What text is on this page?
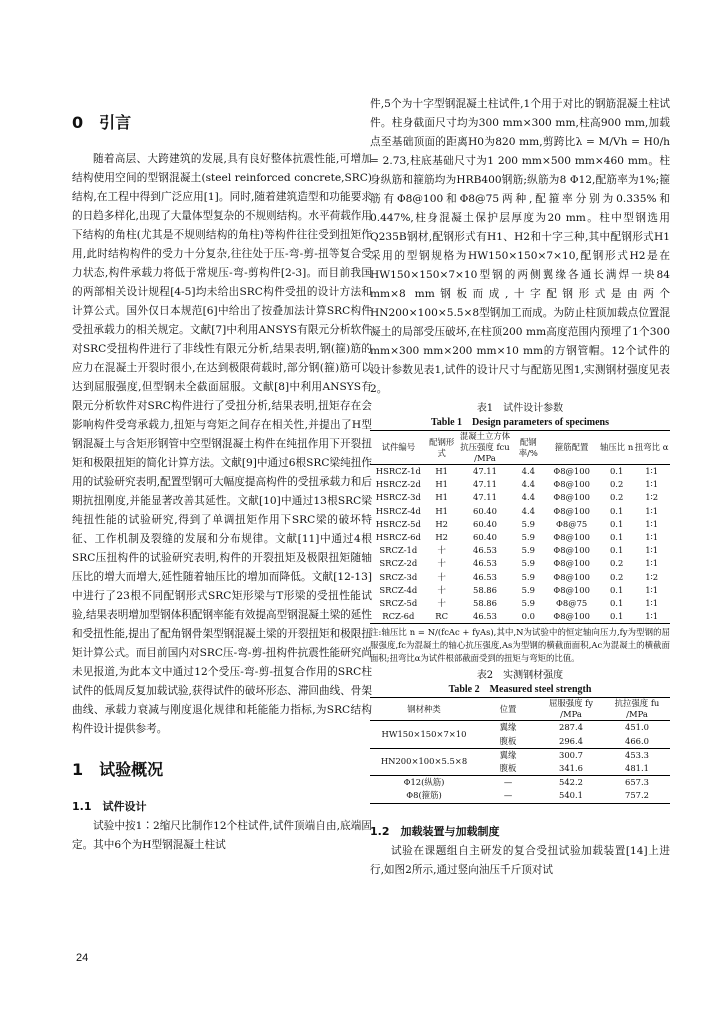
0　引言

随着高层、大跨建筑的发展,具有良好整体抗震性能,可增加结构使用空间的型钢混凝土(steel reinforced concrete,SRC)结构,在工程中得到广泛应用[1]。同时,随着建筑造型和功能要求的日趋多样化,出现了大量体型复杂的不规则结构。水平荷载作用下结构的角柱(尤其是不规则结构的角柱)等构件往往受到扭矩作用,此时结构构件的受力十分复杂,往往处于压-弯-剪-扭等复合受力状态,构件承载力将低于常规压-弯-剪构件[2-3]。而目前我国的两部相关设计规程[4-5]均未给出SRC构件受扭的设计方法和计算公式。国外仅日本规范[6]中给出了按叠加法计算SRC构件受扭承载力的相关规定。文献[7]中利用ANSYS有限元分析软件对SRC受扭构件进行了非线性有限元分析,结果表明,钢(箍)筋的应力在混凝土开裂时很小,在达到极限荷载时,部分钢(箍)筋可以达到屈服强度,但型钢未全截面屈服。文献[8]中利用ANSYS有限元分析软件对SRC构件进行了受扭分析,结果表明,扭矩存在会影响构件受弯承载力,扭矩与弯矩之间存在相关性,并提出了H型钢混凝土与含矩形钢管中空型钢混凝土构件在纯扭作用下开裂扭矩和极限扭矩的简化计算方法。文献[9]中通过6根SRC梁纯扭作用的试验研究表明,配置型钢可大幅度提高构件的受扭承载力和后期抗扭刚度,并能显著改善其延性。文献[10]中通过13根SRC梁纯扭性能的试验研究,得到了单调扭矩作用下SRC梁的破坏特征、工作机制及裂缝的发展和分布规律。文献[11]中通过4根SRC压扭构件的试验研究表明,构件的开裂扭矩及极限扭矩随轴压比的增大而增大,延性随着轴压比的增加而降低。文献[12-13]中进行了23根不同配钢形式SRC矩形梁与T形梁的受扭性能试验,结果表明增加型钢体积配钢率能有效提高型钢混凝土梁的延性和受扭性能,提出了配角钢骨架型钢混凝土梁的开裂扭矩和极限扭矩计算公式。而目前国内对SRC压-弯-剪-扭构件抗震性能研究尚未见报道,为此本文中通过12个受压-弯-剪-扭复合作用的SRC柱试件的低周反复加载试验,获得试件的破坏形态、滞回曲线、骨架曲线、承载力衰减与刚度退化规律和耗能能力指标,为SRC结构构件设计提供参考。

1　试验概况
1.1　试件设计

试验中按1∶2缩尺比制作12个柱试件,试件顶端自由,底端固定。其中6个为H型钢混凝土柱试

件,5个为十字型钢混凝土柱试件,1个用于对比的钢筋混凝土柱试件。柱身截面尺寸均为300 mm×300 mm,柱高900 mm,加载点至基础顶面的距离H0为820 mm,剪跨比λ = M/Vh = H0/h = 2.73,柱底基础尺寸为1 200 mm×500 mm×460 mm。柱身纵筋和箍筋均为HRB400钢筋;纵筋为8 Φ12,配筋率为1%;箍筋有Φ8@100和Φ8@75两种,配箍率分别为0.335%和0.447%,柱身混凝土保护层厚度为20 mm。柱中型钢选用Q235B钢材,配钢形式有H1、H2和十字三种,其中配钢形式H1采用的型钢规格为HW150×150×7×10,配钢形式H2是在HW150×150×7×10型钢的两侧翼缘各通长满焊一块84 mm×8 mm钢板而成,十字配钢形式是由两个HN200×100×5.5×8型钢加工而成。为防止柱顶加载点位置混凝土的局部受压破坏,在柱顶200 mm高度范围内预埋了1个300 mm×300 mm×200 mm×10 mm的方钢管帽。12个试件的设计参数见表1,试件的设计尺寸与配筋见图1,实测钢材强度见表2。

表1　试件设计参数

Table 1　Design parameters of specimens

试件编号	配钢形式	混凝土立方体抗压强度 fcu /MPa	配钢率/%	箍筋配置	轴压比 n	扭弯比 α
HSRCZ-1d	H1	47.11	4.4	Φ8@100	0.1	1∶1
HSRCZ-2d	H1	47.11	4.4	Φ8@100	0.2	1∶1
HSRCZ-3d	H1	47.11	4.4	Φ8@100	0.2	1∶2
HSRCZ-4d	H1	60.40	4.4	Φ8@100	0.1	1∶1
HSRCZ-5d	H2	60.40	5.9	Φ8@75	0.1	1∶1
HSRCZ-6d	H2	60.40	5.9	Φ8@100	0.1	1∶1
SRCZ-1d	十	46.53	5.9	Φ8@100	0.1	1∶1
SRCZ-2d	十	46.53	5.9	Φ8@100	0.2	1∶1
SRCZ-3d	十	46.53	5.9	Φ8@100	0.2	1∶2
SRCZ-4d	十	58.86	5.9	Φ8@100	0.1	1∶1
SRCZ-5d	十	58.86	5.9	Φ8@75	0.1	1∶1
RCZ-6d	RC	46.53	0.0	Φ8@100	0.1	1∶1

注:轴压比 n = N/(fcAc + fyAs),其中,N为试验中的恒定轴向压力,fy为型钢的屈服强度,fc为混凝土的轴心抗压强度,As为型钢的横截面面积,Ac为混凝土的横截面面积;扭弯比α为试件根部截面受到的扭矩与弯矩的比值。

表2　实测钢材强度

Table 2　Measured steel strength

钢材种类	位置	屈服强度 fy /MPa	抗拉强度 fu /MPa
HW150×150×7×10	翼缘	287.4	451.0
	腹板	296.4	466.0
HN200×100×5.5×8	翼缘	300.7	453.3
	腹板	341.6	481.1
Φ12(纵筋)	—	542.2	657.3
Φ8(箍筋)	—	540.1	757.2
1.2　加载装置与加载制度

试验在课题组自主研发的复合受扭试验加载装置[14]上进行,如图2所示,通过竖向油压千斤顶对试

24
